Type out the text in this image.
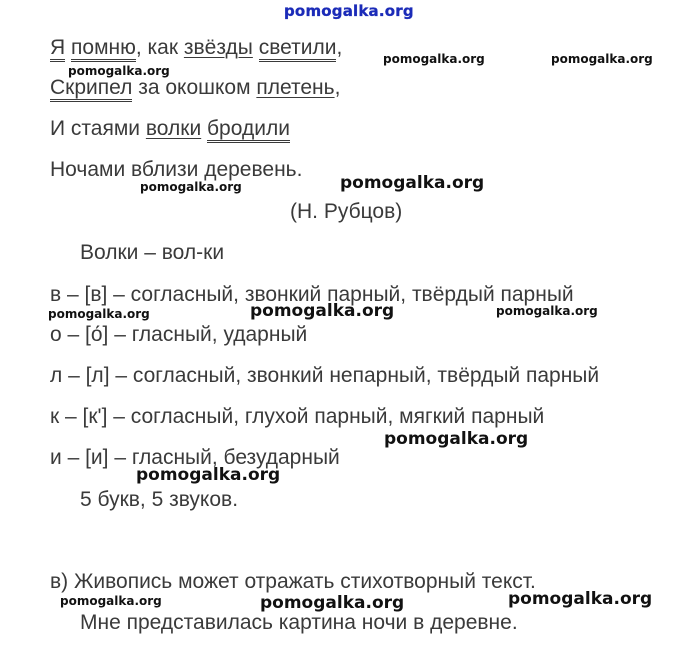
pomogalka.org
Я помню, как звёзды светили,
Скрипел за окошком плетень,
И стаями волки бродили
Ночами вблизи деревень.
(Н. Рубцов)
Волки – вол-ки
в – [в] – согласный, звонкий парный, твёрдый парный
о – [о́] – гласный, ударный
л – [л] – согласный, звонкий непарный, твёрдый парный
к – [к'] – согласный, глухой парный, мягкий парный
и – [и] – гласный, безударный
5 букв, 5 звуков.
в) Живопись может отражать стихотворный текст.
Мне представилась картина ночи в деревне.
pomogalka.org	pomogalka.org
pomogalka.org
pomogalka.org	pomogalka.org
pomogalka.org	pomogalka.org	pomogalka.org
pomogalka.org
pomogalka.org
pomogalka.org	pomogalka.org	pomogalka.org
